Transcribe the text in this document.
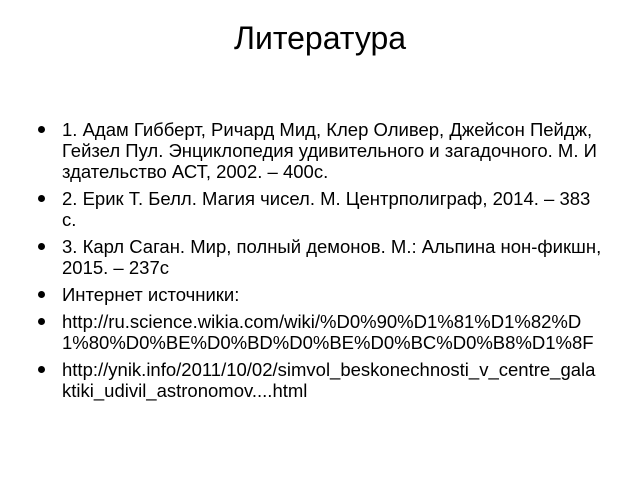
Литература
1. Адам Гибберт, Ричард Мид, Клер Оливер, Джейсон Пейдж, Гейзел Пул. Энциклопедия удивительного и загадочного. М. Издательство АСТ, 2002. – 400с.
2. Ерик Т. Белл. Магия чисел. М. Центрполиграф, 2014. – 383с.
3. Карл Саган. Мир, полный демонов. М.: Альпина нон-фикшн, 2015. – 237с
Интернет источники:
http://ru.science.wikia.com/wiki/%D0%90%D1%81%D1%82%D1%80%D0%BE%D0%BD%D0%BE%D0%BC%D0%B8%D1%8F
http://ynik.info/2011/10/02/simvol_beskonechnosti_v_centre_galaktiki_udivil_astronomov....html
